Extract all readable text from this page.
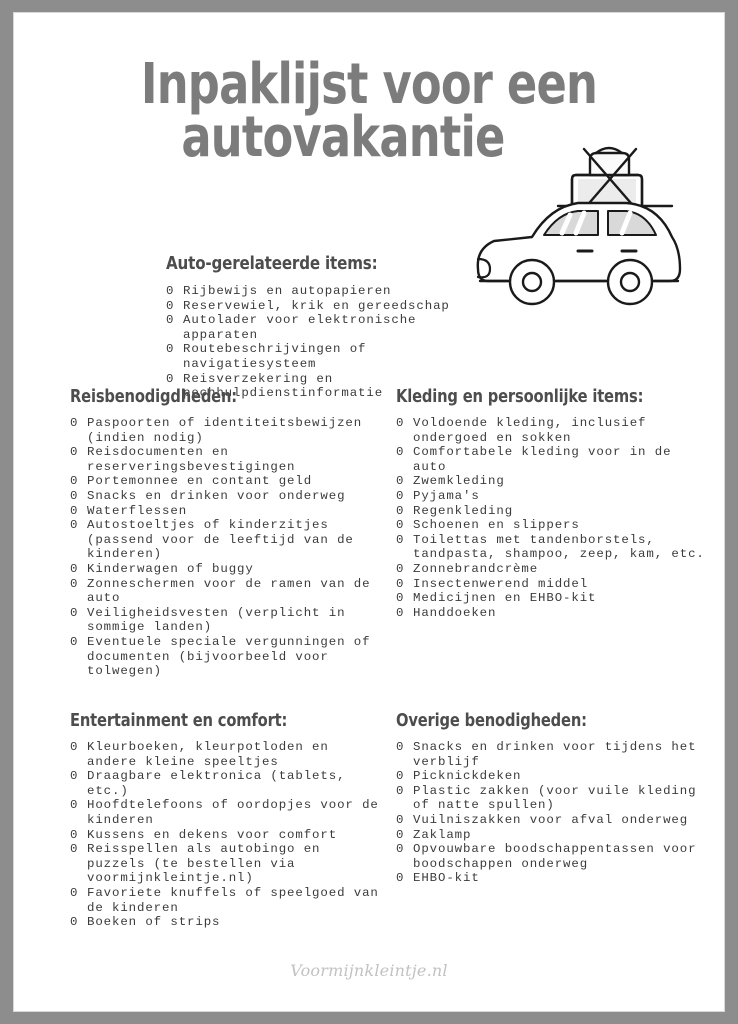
Inpaklijst voor een
autovakantie
Auto-gerelateerde items:
0 Rijbewijs en autopapieren
0 Reservewiel, krik en gereedschap
0 Autolader voor elektronische apparaten
0 Routebeschrijvingen of navigatiesysteem
0 Reisverzekering en pechhulpdienstinformatie
Reisbenodigdheden:
0 Paspoorten of identiteitsbewijzen (indien nodig)
0 Reisdocumenten en reserveringsbevestigingen
0 Portemonnee en contant geld
0 Snacks en drinken voor onderweg
0 Waterflessen
0 Autostoeltjes of kinderzitjes (passend voor de leeftijd van de kinderen)
0 Kinderwagen of buggy
0 Zonneschermen voor de ramen van de auto
0 Veiligheidsvesten (verplicht in sommige landen)
0 Eventuele speciale vergunningen of documenten (bijvoorbeeld voor tolwegen)
Kleding en persoonlijke items:
0 Voldoende kleding, inclusief ondergoed en sokken
0 Comfortabele kleding voor in de auto
0 Zwemkleding
0 Pyjama's
0 Regenkleding
0 Schoenen en slippers
0 Toilettas met tandenborstels, tandpasta, shampoo, zeep, kam, etc.
0 Zonnebrandcrème
0 Insectenwerend middel
0 Medicijnen en EHBO-kit
0 Handdoeken
Entertainment en comfort:
0 Kleurboeken, kleurpotloden en andere kleine speeltjes
0 Draagbare elektronica (tablets, etc.)
0 Hoofdtelefoons of oordopjes voor de kinderen
0 Kussens en dekens voor comfort
0 Reisspellen als autobingo en puzzels (te bestellen via voormijnkleintje.nl)
0 Favoriete knuffels of speelgoed van de kinderen
0 Boeken of strips
Overige benodigheden:
0 Snacks en drinken voor tijdens het verblijf
0 Picknickdeken
0 Plastic zakken (voor vuile kleding of natte spullen)
0 Vuilniszakken voor afval onderweg
0 Zaklamp
0 Opvouwbare boodschappentassen voor boodschappen onderweg
0 EHBO-kit
Voormijnkleintje.nl
